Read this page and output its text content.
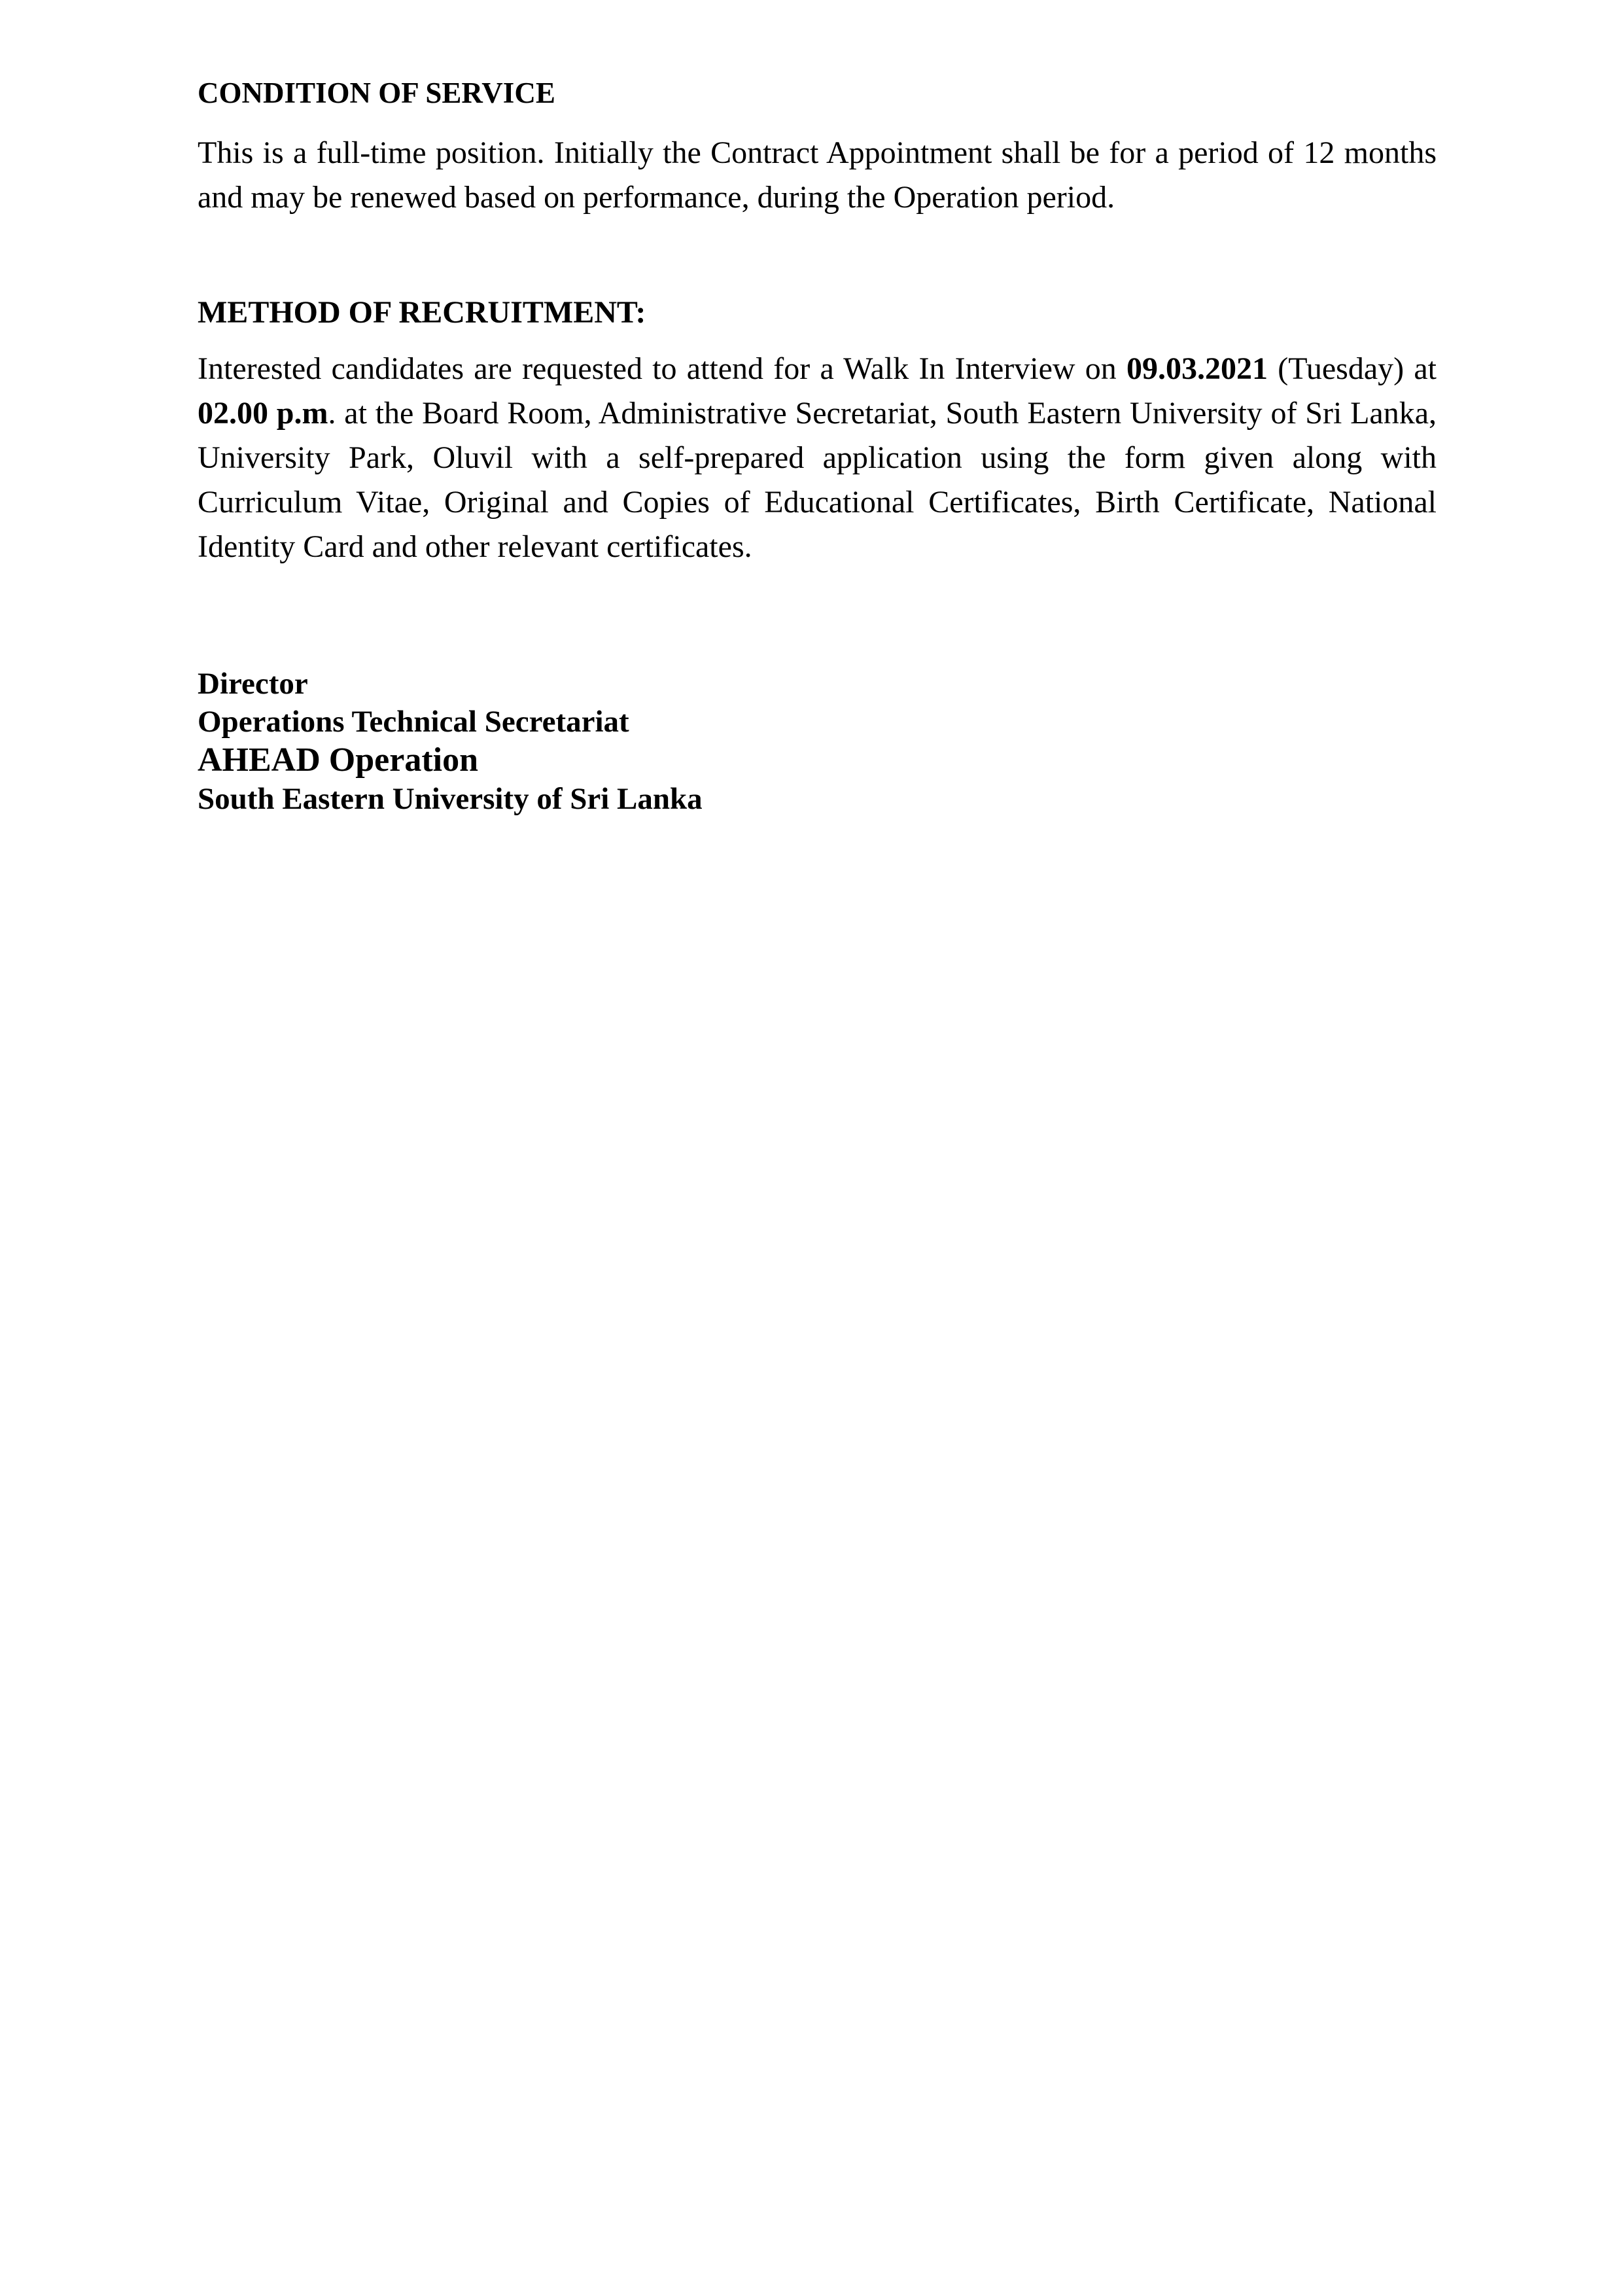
CONDITION OF SERVICE

This is a full-time position. Initially the Contract Appointment shall be for a period of 12 months and may be renewed based on performance, during the Operation period.

METHOD OF RECRUITMENT:

Interested candidates are requested to attend for a Walk In Interview on 09.03.2021 (Tuesday) at 02.00 p.m. at the Board Room, Administrative Secretariat, South Eastern University of Sri Lanka, University Park, Oluvil with a self-prepared application using the form given along with Curriculum Vitae, Original and Copies of Educational Certificates, Birth Certificate, National Identity Card and other relevant certificates.

Director

Operations Technical Secretariat

AHEAD Operation

South Eastern University of Sri Lanka
